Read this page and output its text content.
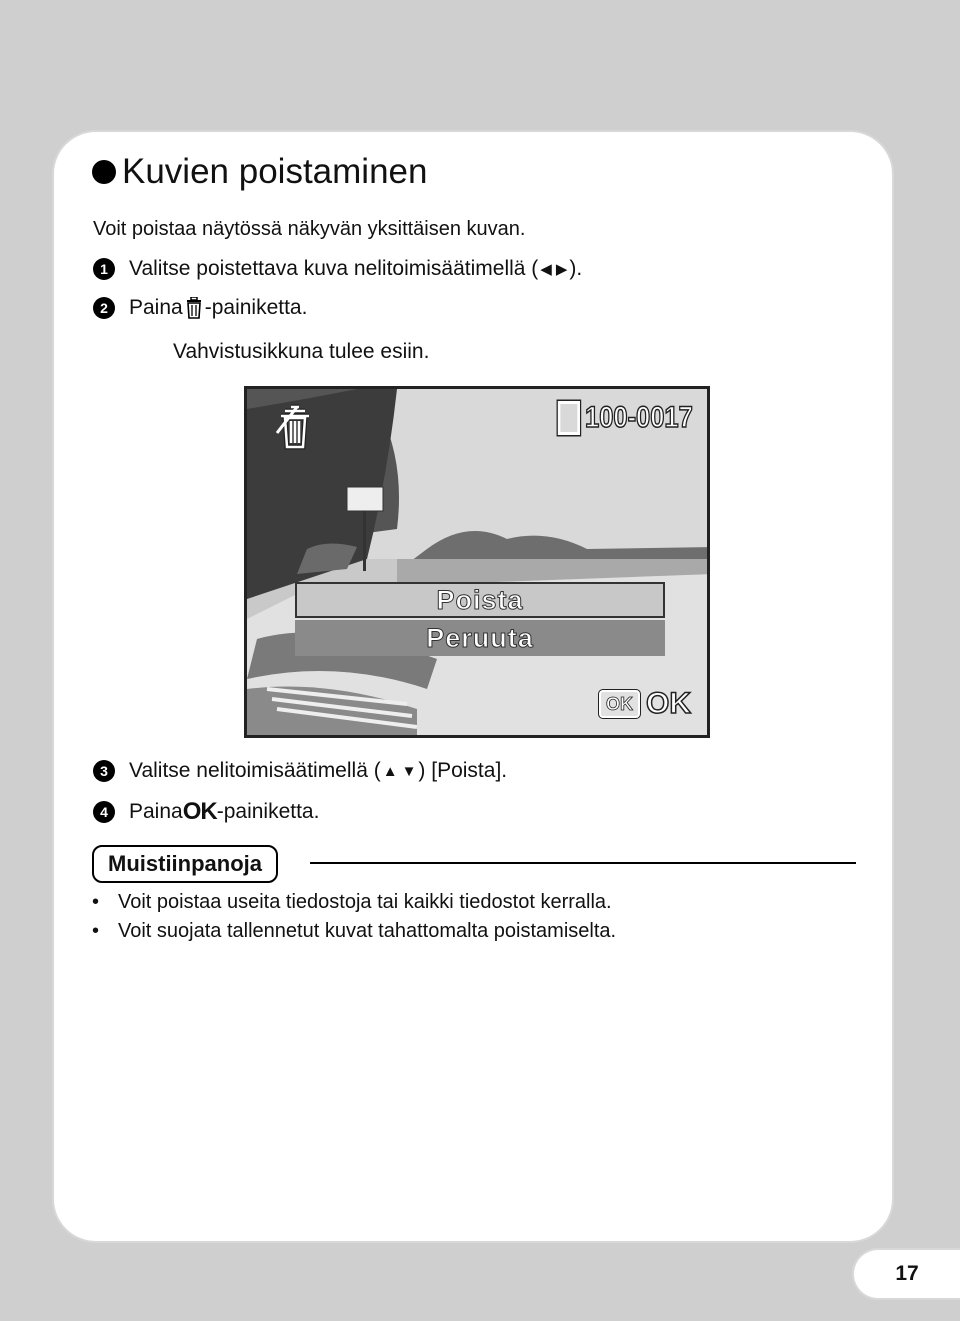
Kuvien poistaminen
Voit poistaa näytössä näkyvän yksittäisen kuvan.
1	Valitse poistettava kuva nelitoimisäätimellä ( ◀ ▶ ).
2	Paina -painiketta.
Vahvistusikkuna tulee esiin.
100-0017
Poista
Peruuta
OK OK
3	Valitse nelitoimisäätimellä ( ▲ ▼ ) [Poista].
4	Paina OK -painiketta.
Muistiinpanoja
• Voit poistaa useita tiedostoja tai kaikki tiedostot kerralla.
• Voit suojata tallennetut kuvat tahattomalta poistamiselta.
17
